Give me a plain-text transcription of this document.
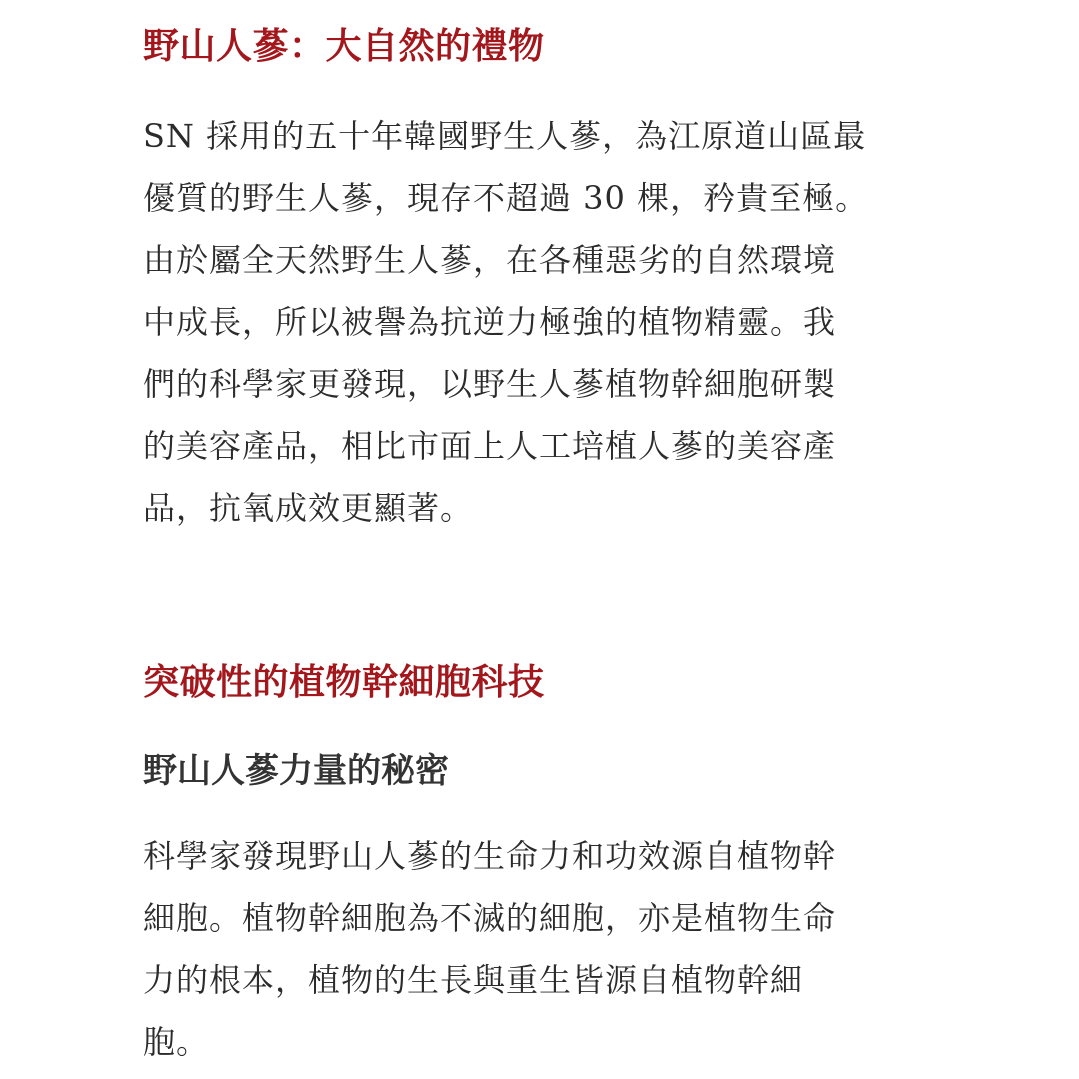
野山人蔘：大自然的禮物

SN 採用的五十年韓國野生人蔘，為江原道山區最
優質的野生人蔘，現存不超過 30 棵，矜貴至極。
由於屬全天然野生人蔘，在各種惡劣的自然環境
中成長，所以被譽為抗逆力極強的植物精靈。我
們的科學家更發現，以野生人蔘植物幹細胞研製
的美容產品，相比市面上人工培植人蔘的美容產
品，抗氧成效更顯著。

突破性的植物幹細胞科技
野山人蔘力量的秘密

科學家發現野山人蔘的生命力和功效源自植物幹
細胞。植物幹細胞為不滅的細胞，亦是植物生命
力的根本，植物的生長與重生皆源自植物幹細
胞。
